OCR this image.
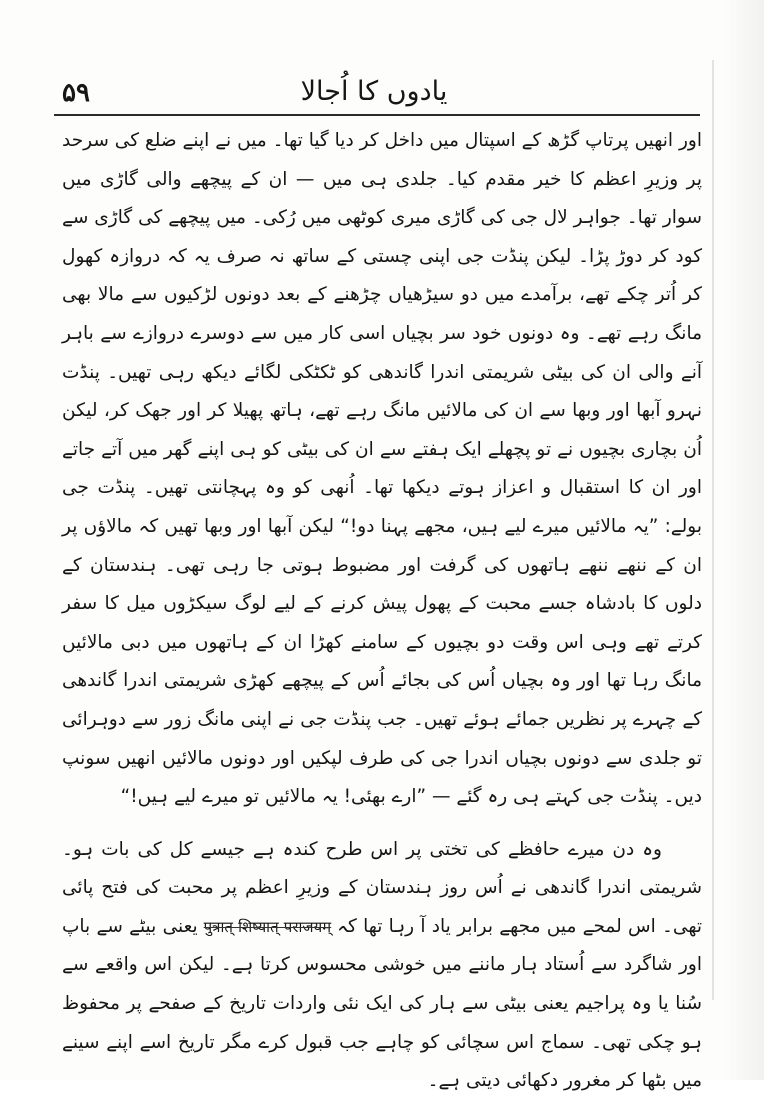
۵۹	یادوں کا اُجالا

اور انھیں پرتاپ گڑھ کے اسپتال میں داخل کر دیا گیا تھا۔ میں نے اپنے ضلع کی سرحد پر وزیرِ اعظم کا خیر مقدم کیا۔ جلدی ہی میں — ان کے پیچھے والی گاڑی میں سوار تھا۔ جواہر لال جی کی گاڑی میری کوٹھی میں رُکی۔ میں پیچھے کی گاڑی سے کود کر دوڑ پڑا۔ لیکن پنڈت جی اپنی چستی کے ساتھ نہ صرف یہ کہ دروازہ کھول کر اُتر چکے تھے، برآمدے میں دو سیڑھیاں چڑھنے کے بعد دونوں لڑکیوں سے مالا بھی مانگ رہے تھے۔ وہ دونوں خود سر بچیاں اسی کار میں سے دوسرے دروازے سے باہر آنے والی ان کی بیٹی شریمتی اندرا گاندھی کو ٹکٹکی لگائے دیکھ رہی تھیں۔ پنڈت نہرو آبھا اور وبھا سے ان کی مالائیں مانگ رہے تھے، ہاتھ پھیلا کر اور جھک کر، لیکن اُن بچاری بچیوں نے تو پچھلے ایک ہفتے سے ان کی بیٹی کو ہی اپنے گھر میں آتے جاتے اور ان کا استقبال و اعزاز ہوتے دیکھا تھا۔ اُنھی کو وہ پہچانتی تھیں۔ پنڈت جی بولے: ”یہ مالائیں میرے لیے ہیں، مجھے پہنا دو!“ لیکن آبھا اور وبھا تھیں کہ مالاؤں پر ان کے ننھے ننھے ہاتھوں کی گرفت اور مضبوط ہوتی جا رہی تھی۔ ہندستان کے دلوں کا بادشاہ جسے محبت کے پھول پیش کرنے کے لیے لوگ سیکڑوں میل کا سفر کرتے تھے وہی اس وقت دو بچیوں کے سامنے کھڑا ان کے ہاتھوں میں دبی مالائیں مانگ رہا تھا اور وہ بچیاں اُس کی بجائے اُس کے پیچھے کھڑی شریمتی اندرا گاندھی کے چہرے پر نظریں جمائے ہوئے تھیں۔ جب پنڈت جی نے اپنی مانگ زور سے دوہرائی تو جلدی سے دونوں بچیاں اندرا جی کی طرف لپکیں اور دونوں مالائیں انھیں سونپ دیں۔ پنڈت جی کہتے ہی رہ گئے — ”ارے بھئی! یہ مالائیں تو میرے لیے ہیں!“

وہ دن میرے حافظے کی تختی پر اس طرح کندہ ہے جیسے کل کی بات ہو۔ شریمتی اندرا گاندھی نے اُس روز ہندستان کے وزیرِ اعظم پر محبت کی فتح پائی تھی۔ اس لمحے میں مجھے برابر یاد آ رہا تھا کہपुत्रात् शिष्यात् पराजयम्یعنی بیٹے سے باپ اور شاگرد سے اُستاد ہار ماننے میں خوشی محسوس کرتا ہے۔ لیکن اس واقعے سے سُنا یا وہ پراجیم یعنی بیٹی سے ہار کی ایک نئی واردات تاریخ کے صفحے پر محفوظ ہو چکی تھی۔ سماج اس سچائی کو چاہے جب قبول کرے مگر تاریخ اسے اپنے سینے میں بٹھا کر مغرور دکھائی دیتی ہے۔
